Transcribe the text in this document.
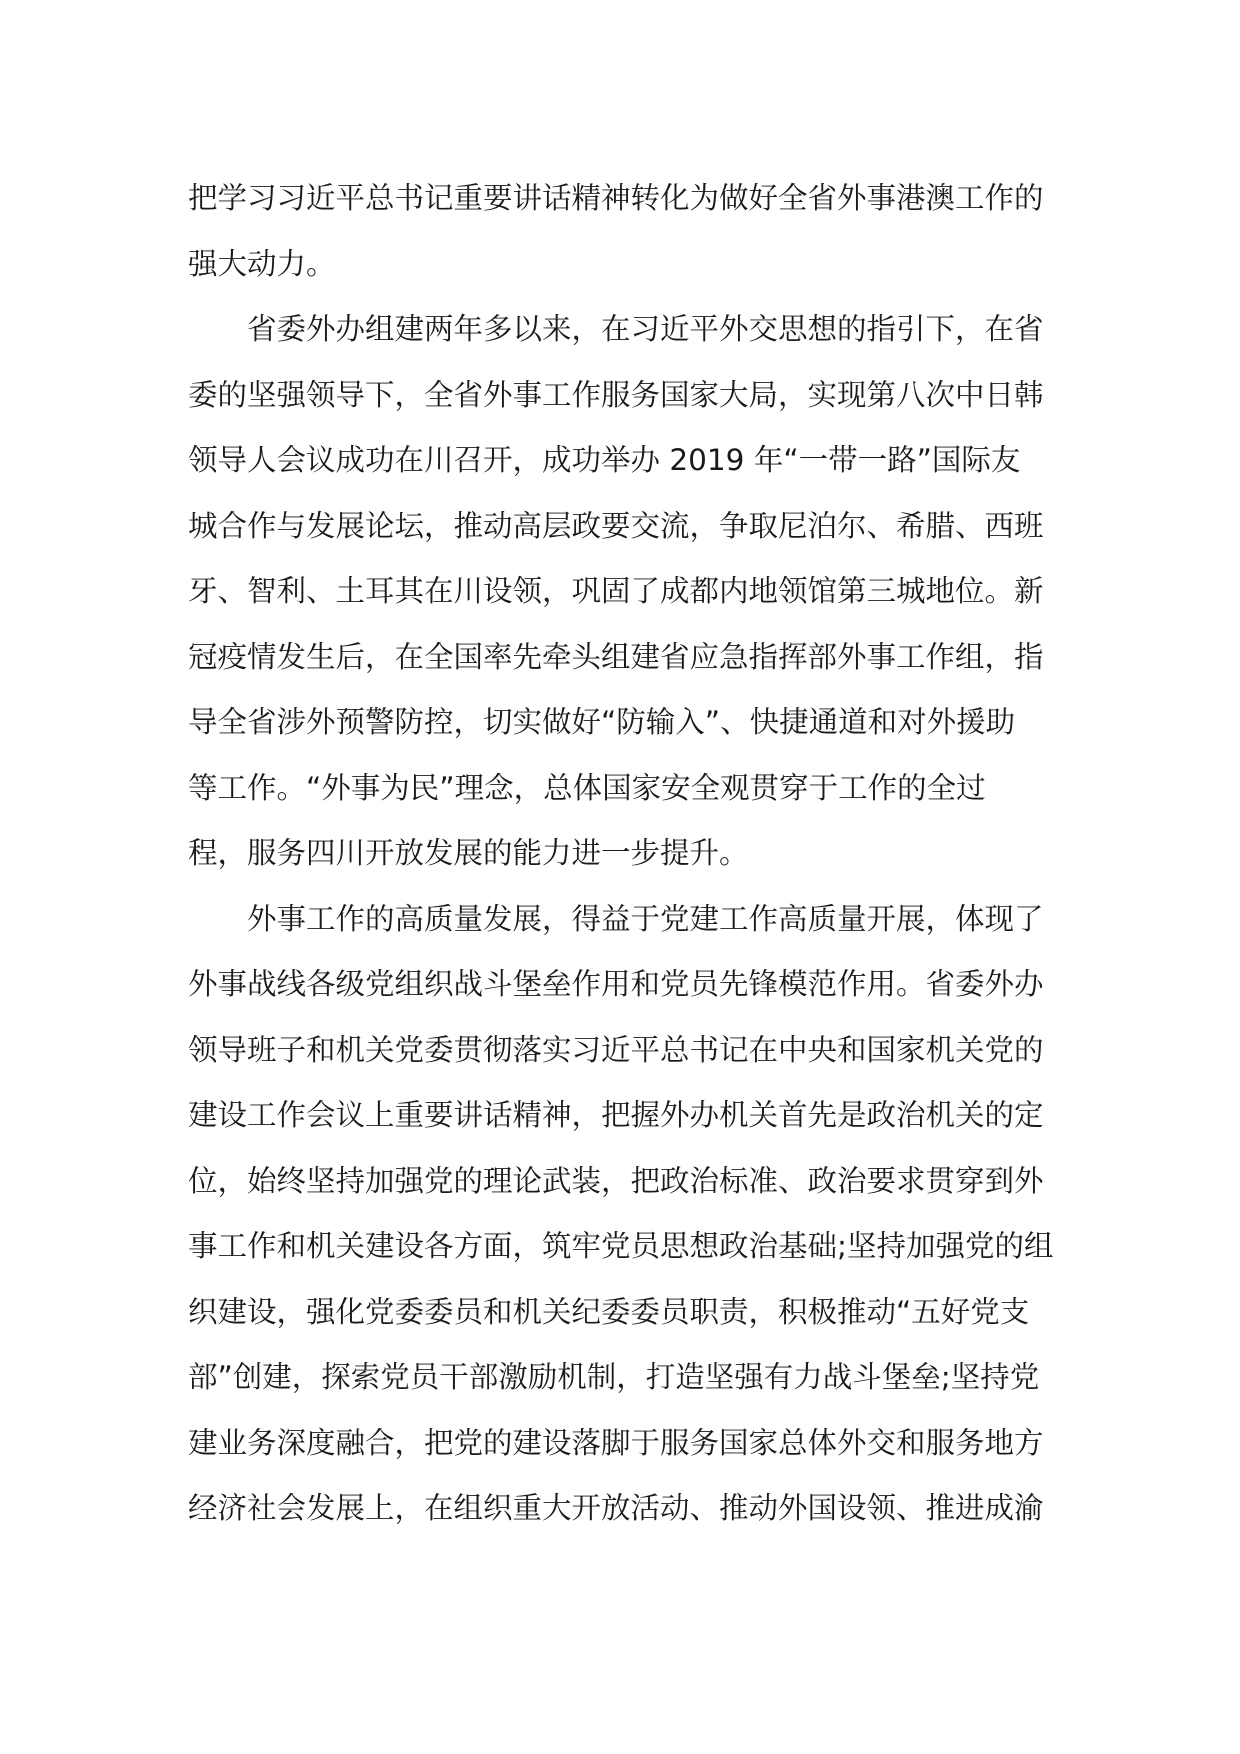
把学习习近平总书记重要讲话精神转化为做好全省外事港澳工作的
强大动力。
省委外办组建两年多以来，在习近平外交思想的指引下，在省
委的坚强领导下，全省外事工作服务国家大局，实现第八次中日韩
领导人会议成功在川召开，成功举办 2019 年“一带一路”国际友
城合作与发展论坛，推动高层政要交流，争取尼泊尔、希腊、西班
牙、智利、土耳其在川设领，巩固了成都内地领馆第三城地位。新
冠疫情发生后，在全国率先牵头组建省应急指挥部外事工作组，指
导全省涉外预警防控，切实做好“防输入”、快捷通道和对外援助
等工作。“外事为民”理念，总体国家安全观贯穿于工作的全过
程，服务四川开放发展的能力进一步提升。
外事工作的高质量发展，得益于党建工作高质量开展，体现了
外事战线各级党组织战斗堡垒作用和党员先锋模范作用。省委外办
领导班子和机关党委贯彻落实习近平总书记在中央和国家机关党的
建设工作会议上重要讲话精神，把握外办机关首先是政治机关的定
位，始终坚持加强党的理论武装，把政治标准、政治要求贯穿到外
事工作和机关建设各方面，筑牢党员思想政治基础;坚持加强党的组
织建设，强化党委委员和机关纪委委员职责，积极推动“五好党支
部”创建，探索党员干部激励机制，打造坚强有力战斗堡垒;坚持党
建业务深度融合，把党的建设落脚于服务国家总体外交和服务地方
经济社会发展上，在组织重大开放活动、推动外国设领、推进成渝
